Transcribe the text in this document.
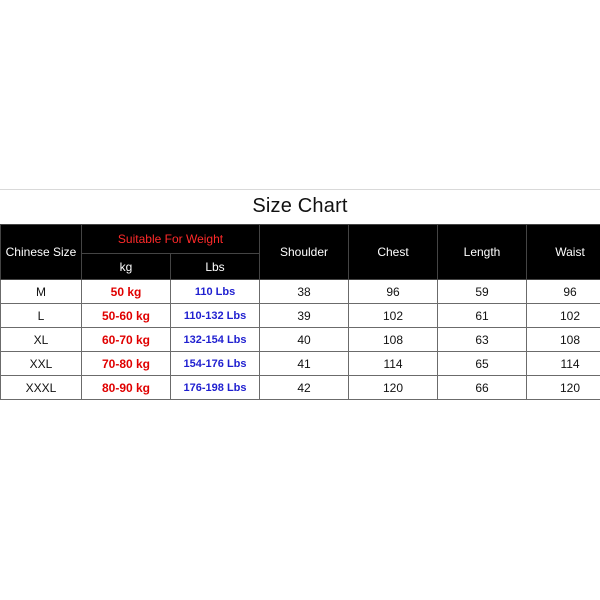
Size Chart
Chinese Size	Suitable For Weight		Shoulder	Chest	Length	Waist
	kg	Lbs				
M	50 kg	110 Lbs	38	96	59	96
L	50-60 kg	110-132 Lbs	39	102	61	102
XL	60-70 kg	132-154 Lbs	40	108	63	108
XXL	70-80 kg	154-176 Lbs	41	114	65	114
XXXL	80-90 kg	176-198 Lbs	42	120	66	120
